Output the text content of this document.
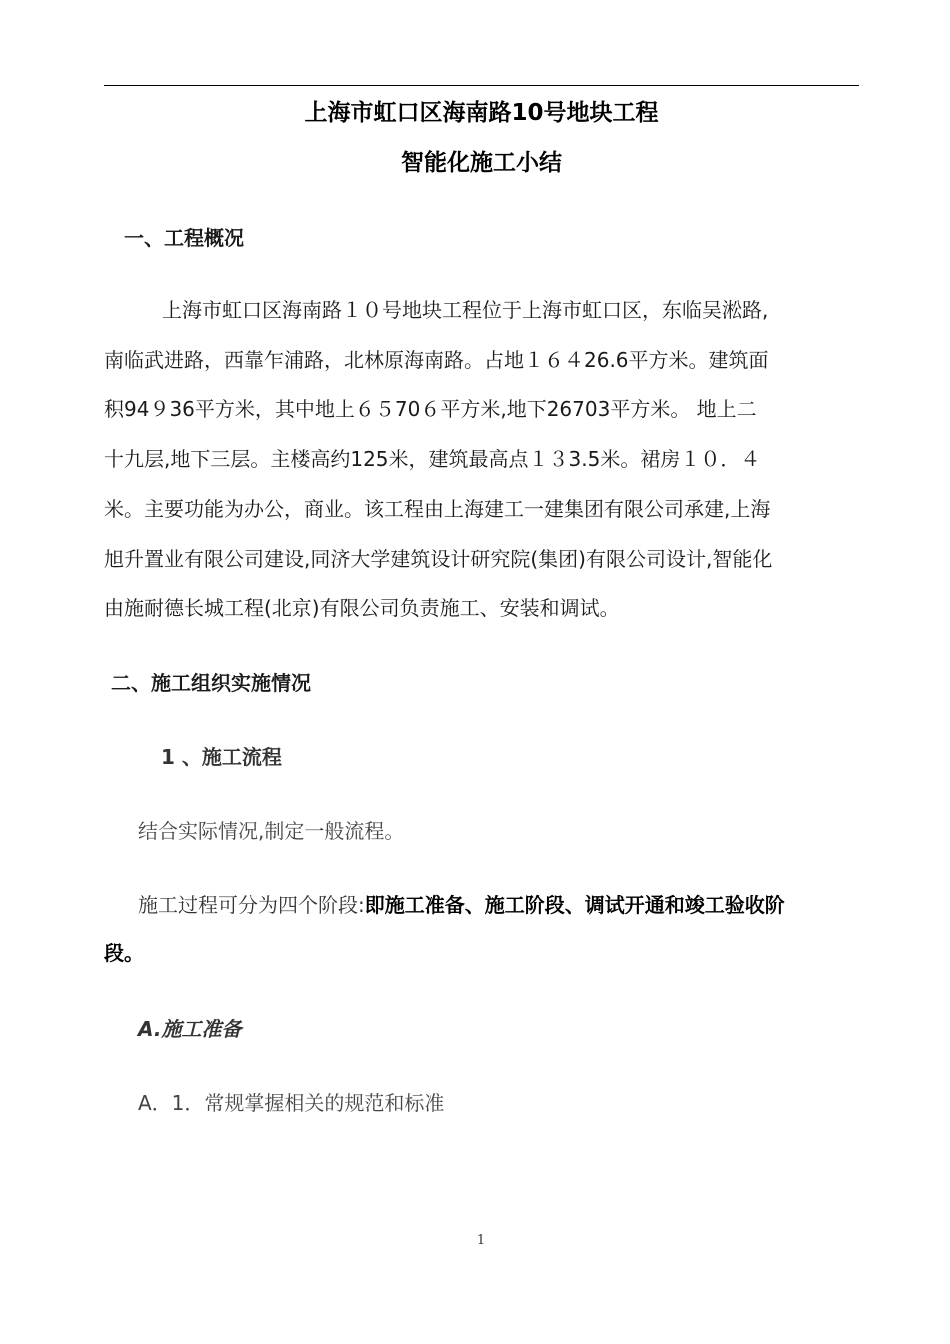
上海市虹口区海南路10号地块工程
智能化施工小结
一、工程概况
上海市虹口区海南路１０号地块工程位于上海市虹口区，东临吴淞路,
南临武进路，西靠乍浦路，北林原海南路。占地１６４26.6平方米。建筑面
积94９36平方米，其中地上６５70６平方米,地下26703平方米。 地上二
十九层,地下三层。主楼高约125米，建筑最高点１３3.5米。裙房１０．４
米。主要功能为办公，商业。该工程由上海建工一建集团有限公司承建,上海
旭升置业有限公司建设,同济大学建筑设计研究院(集团)有限公司设计,智能化
由施耐德长城工程(北京)有限公司负责施工、安装和调试。
二、施工组织实施情况
1 、施工流程
结合实际情况,制定一般流程。
施工过程可分为四个阶段:即施工准备、施工阶段、调试开通和竣工验收阶
段。
A.施工准备
A．1．常规掌握相关的规范和标准
1
